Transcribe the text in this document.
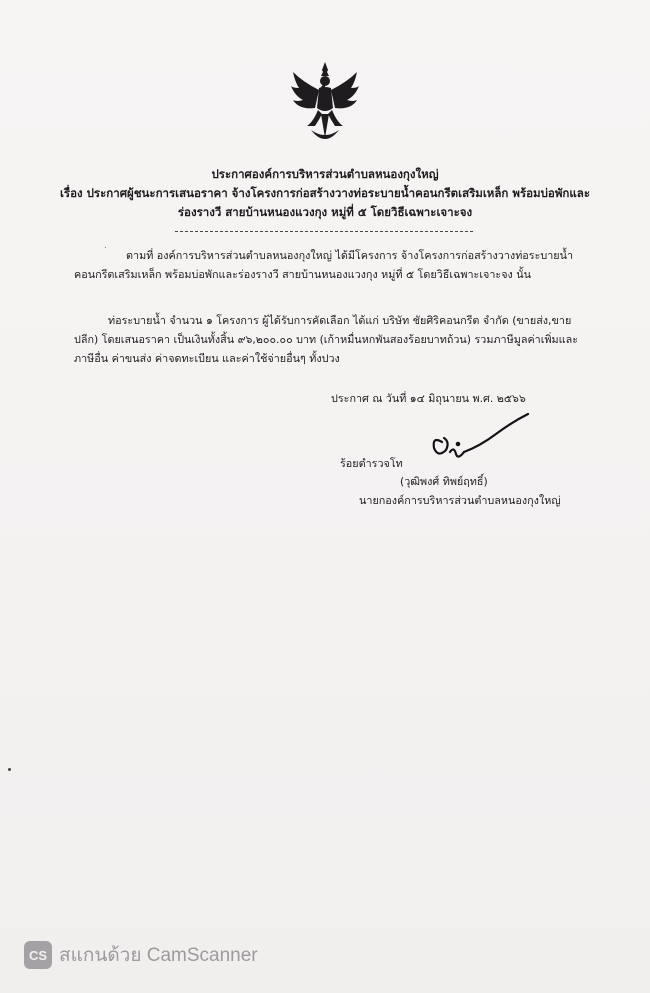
ประกาศองค์การบริหารส่วนตำบลหนองกุงใหญ่
เรื่อง ประกาศผู้ชนะการเสนอราคา จ้างโครงการก่อสร้างวางท่อระบายน้ำคอนกรีตเสริมเหล็ก พร้อมบ่อพักและ
ร่องรางวี สายบ้านหนองแวงกุง หมู่ที่ ๕ โดยวิธีเฉพาะเจาะจง
.
ตามที่ องค์การบริหารส่วนตำบลหนองกุงใหญ่ ได้มีโครงการ จ้างโครงการก่อสร้างวางท่อระบายน้ำ
คอนกรีตเสริมเหล็ก พร้อมบ่อพักและร่องรางวี สายบ้านหนองแวงกุง หมู่ที่ ๕ โดยวิธีเฉพาะเจาะจง นั้น
ท่อระบายน้ำ จำนวน ๑ โครงการ ผู้ได้รับการคัดเลือก ได้แก่ บริษัท ชัยศิริคอนกรีต จำกัด (ขายส่ง,ขาย
ปลีก) โดยเสนอราคา เป็นเงินทั้งสิ้น ๙๖,๒๐๐.๐๐ บาท (เก้าหมื่นหกพันสองร้อยบาทถ้วน) รวมภาษีมูลค่าเพิ่มและ
ภาษีอื่น ค่าขนส่ง ค่าจดทะเบียน และค่าใช้จ่ายอื่นๆ ทั้งปวง
ประกาศ ณ วันที่ ๑๔ มิถุนายน พ.ศ. ๒๕๖๖
ร้อยตำรวจโท
(วุฒิพงศ์ ทิพย์ฤทธิ์)
นายกองค์การบริหารส่วนตำบลหนองกุงใหญ่
CS สแกนด้วย CamScanner
